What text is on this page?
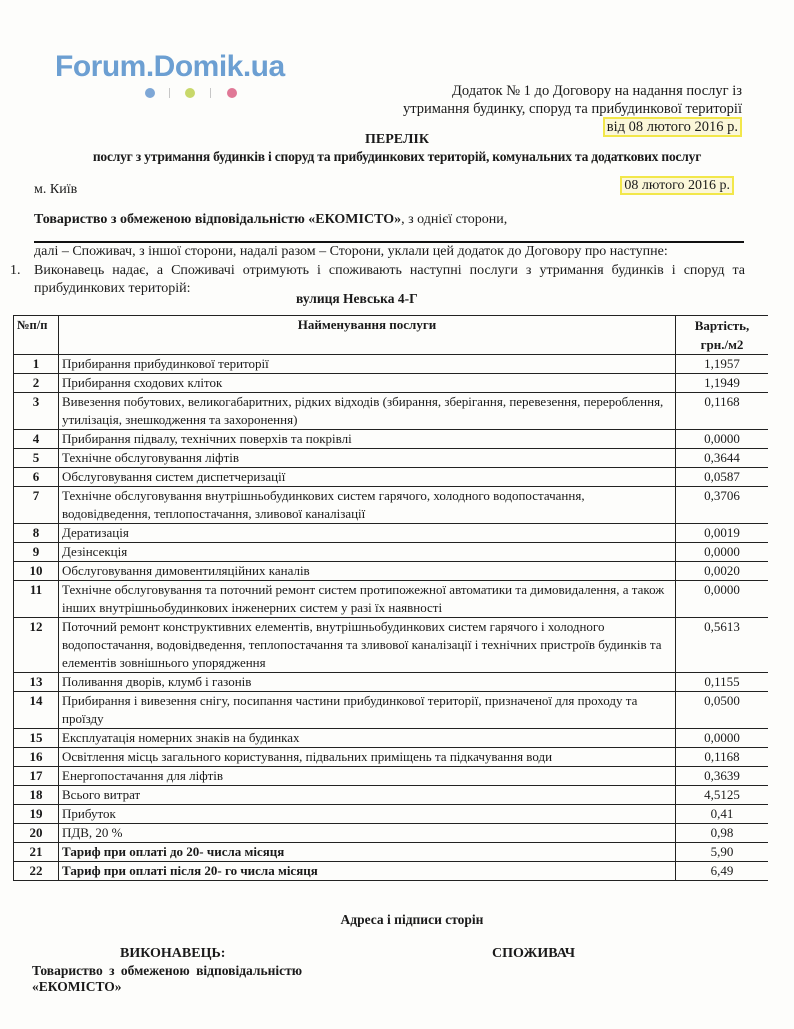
Forum.Domik.ua
Додаток № 1 до Договору на надання послуг із
утримання будинку, споруд та прибудинкової території
від 08 лютого 2016 р.
ПЕРЕЛІК
послуг з утримання будинків і споруд та прибудинкових територій, комунальних та додаткових послуг
м. Київ	08 лютого 2016 р.
Товариство з обмеженою відповідальністю «ЕКОМІСТО», з однієї сторони,
далі – Споживач, з іншої сторони, надалі разом – Сторони, уклали цей додаток до Договору про наступне:
1. Виконавець надає, а Споживачі отримують і споживають наступні послуги з утримання будинків і споруд та прибудинкових територій:
вулиця Невська 4-Г
№п/п	Найменування послуги	Вартість,
грн./м2

1	Прибирання прибудинкової території	1,1957
2	Прибирання сходових кліток	1,1949
3	Вивезення побутових, великогабаритних, рідких відходів (збирання, зберігання, перевезення, перероблення, утилізація, знешкодження та захоронення)	0,1168
4	Прибирання підвалу, технічних поверхів та покрівлі	0,0000
5	Технічне обслуговування ліфтів	0,3644
6	Обслуговування систем диспетчеризації	0,0587
7	Технічне обслуговування внутрішньобудинкових систем гарячого, холодного водопостачання, водовідведення, теплопостачання, зливової каналізації	0,3706
8	Дератизація	0,0019
9	Дезінсекція	0,0000
10	Обслуговування димовентиляційних каналів	0,0020
11	Технічне обслуговування та поточний ремонт систем протипожежної автоматики та димовидалення, а також інших внутрішньобудинкових інженерних систем у разі їх наявності	0,0000
12	Поточний ремонт конструктивних елементів, внутрішньобудинкових систем гарячого і холодного водопостачання, водовідведення, теплопостачання та зливової каналізації і технічних пристроїв будинків та елементів зовнішнього упорядження	0,5613
13	Поливання дворів, клумб і газонів	0,1155
14	Прибирання і вивезення снігу, посипання частини прибудинкової території, призначеної для проходу та проїзду	0,0500
15	Експлуатація номерних знаків на будинках	0,0000
16	Освітлення місць загального користування, підвальних приміщень та підкачування води	0,1168
17	Енергопостачання для ліфтів	0,3639
18	Всього витрат	4,5125
19	Прибуток	0,41
20	ПДВ, 20 %	0,98
21	Тариф при оплаті до 20- числа місяця	5,90
22	Тариф при оплаті після 20- го числа місяця	6,49
Адреса і підписи сторін
ВИКОНАВЕЦЬ:	СПОЖИВАЧ
Товариство з обмеженою відповідальністю
«ЕКОМІСТО»
